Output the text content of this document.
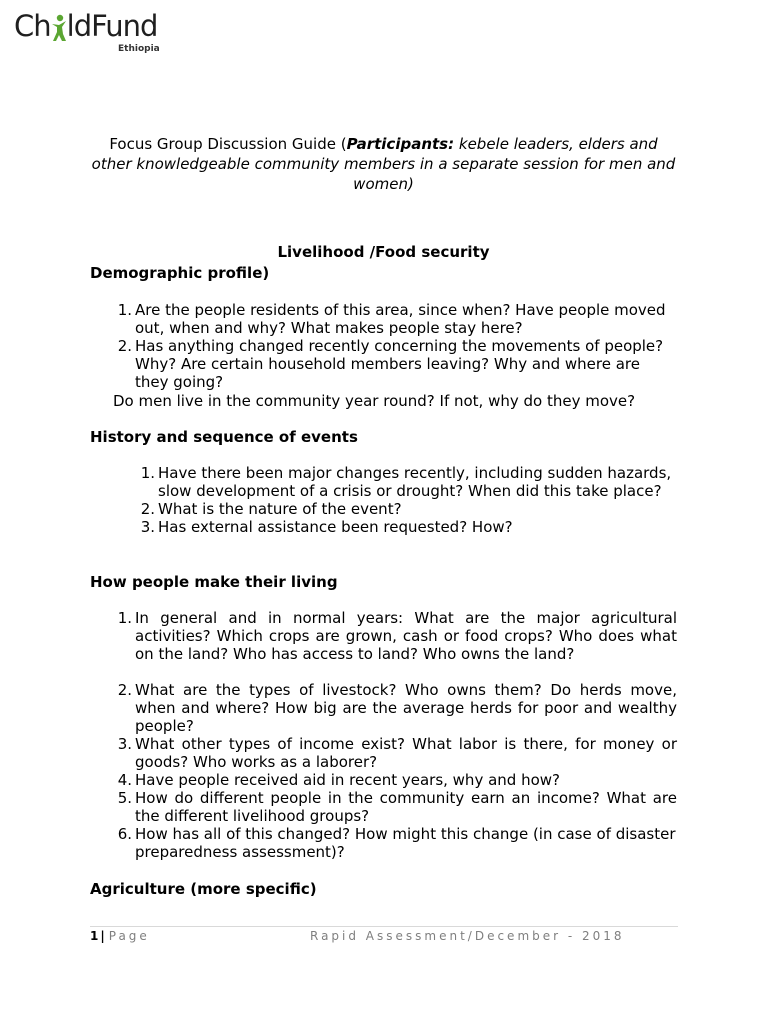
Ch ldFund
Ethiopia
Focus Group Discussion Guide (Participants: kebele leaders, elders and other knowledgeable community members in a separate session for men and women)
Livelihood /Food security
Demographic profile)
1. Are the people residents of this area, since when? Have people moved out, when and why? What makes people stay here?
2. Has anything changed recently concerning the movements of people? Why? Are certain household members leaving? Why and where are they going?
Do men live in the community year round? If not, why do they move?
History and sequence of events
1. Have there been major changes recently, including sudden hazards, slow development of a crisis or drought? When did this take place?
2. What is the nature of the event?
3. Has external assistance been requested? How?
How people make their living
1. In general and in normal years: What are the major agricultural activities? Which crops are grown, cash or food crops? Who does what on the land? Who has access to land? Who owns the land?
2. What are the types of livestock? Who owns them? Do herds move, when and where? How big are the average herds for poor and wealthy people?
3. What other types of income exist? What labor is there, for money or goods? Who works as a laborer?
4. Have people received aid in recent years, why and how?
5. How do different people in the community earn an income? What are the different livelihood groups?
6. How has all of this changed? How might this change (in case of disaster preparedness assessment)?
Agriculture (more specific)
1 | Page	Rapid Assessment/December - 2018
